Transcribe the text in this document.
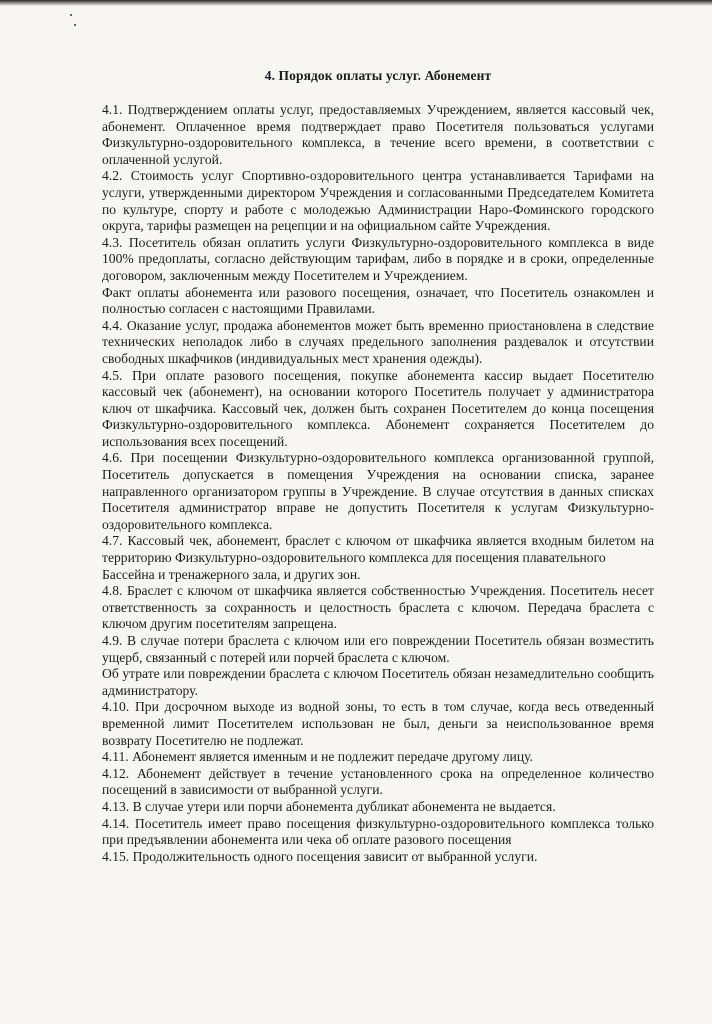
4. Порядок оплаты услуг. Абонемент

4.1. Подтверждением оплаты услуг, предоставляемых Учреждением, является кассовый чек, абонемент. Оплаченное время подтверждает право Посетителя пользоваться услугами Физкультурно-оздоровительного комплекса, в течение всего времени, в соответствии с оплаченной услугой.

4.2. Стоимость услуг Спортивно-оздоровительного центра устанавливается Тарифами на услуги, утвержденными директором Учреждения и согласованными Председателем Комитета по культуре, спорту и работе с молодежью Администрации Наро-Фоминского городского округа, тарифы размещен на рецепции и на официальном сайте Учреждения.

4.3. Посетитель обязан оплатить услуги Физкультурно-оздоровительного комплекса в виде 100% предоплаты, согласно действующим тарифам, либо в порядке и в сроки, определенные договором, заключенным между Посетителем и Учреждением.

Факт оплаты абонемента или разового посещения, означает, что Посетитель ознакомлен и полностью согласен с настоящими Правилами.

4.4. Оказание услуг, продажа абонементов может быть временно приостановлена в следствие технических неполадок либо в случаях предельного заполнения раздевалок и отсутствии свободных шкафчиков (индивидуальных мест хранения одежды).

4.5. При оплате разового посещения, покупке абонемента кассир выдает Посетителю кассовый чек (абонемент), на основании которого Посетитель получает у администратора ключ от шкафчика. Кассовый чек, должен быть сохранен Посетителем до конца посещения Физкультурно-оздоровительного комплекса. Абонемент сохраняется Посетителем до использования всех посещений.

4.6. При посещении Физкультурно-оздоровительного комплекса организованной группой, Посетитель допускается в помещения Учреждения на основании списка, заранее направленного организатором группы в Учреждение. В случае отсутствия в данных списках Посетителя администратор вправе не допустить Посетителя к услугам Физкультурно-оздоровительного комплекса.

4.7. Кассовый чек, абонемент, браслет с ключом от шкафчика является входным билетом на территорию Физкультурно-оздоровительного комплекса для посещения плавательного

Бассейна и тренажерного зала, и других зон.

4.8. Браслет с ключом от шкафчика является собственностью Учреждения. Посетитель несет ответственность за сохранность и целостность браслета с ключом. Передача браслета с ключом другим посетителям запрещена.

4.9. В случае потери браслета с ключом или его повреждении Посетитель обязан возместить ущерб, связанный с потерей или порчей браслета с ключом.

Об утрате или повреждении браслета с ключом Посетитель обязан незамедлительно сообщить администратору.

4.10. При досрочном выходе из водной зоны, то есть в том случае, когда весь отведенный временной лимит Посетителем использован не был, деньги за неиспользованное время возврату Посетителю не подлежат.

4.11. Абонемент является именным и не подлежит передаче другому лицу.

4.12. Абонемент действует в течение установленного срока на определенное количество посещений в зависимости от выбранной услуги.

4.13. В случае утери или порчи абонемента дубликат абонемента не выдается.

4.14. Посетитель имеет право посещения физкультурно-оздоровительного комплекса только при предъявлении абонемента или чека об оплате разового посещения

4.15. Продолжительность одного посещения зависит от выбранной услуги.
